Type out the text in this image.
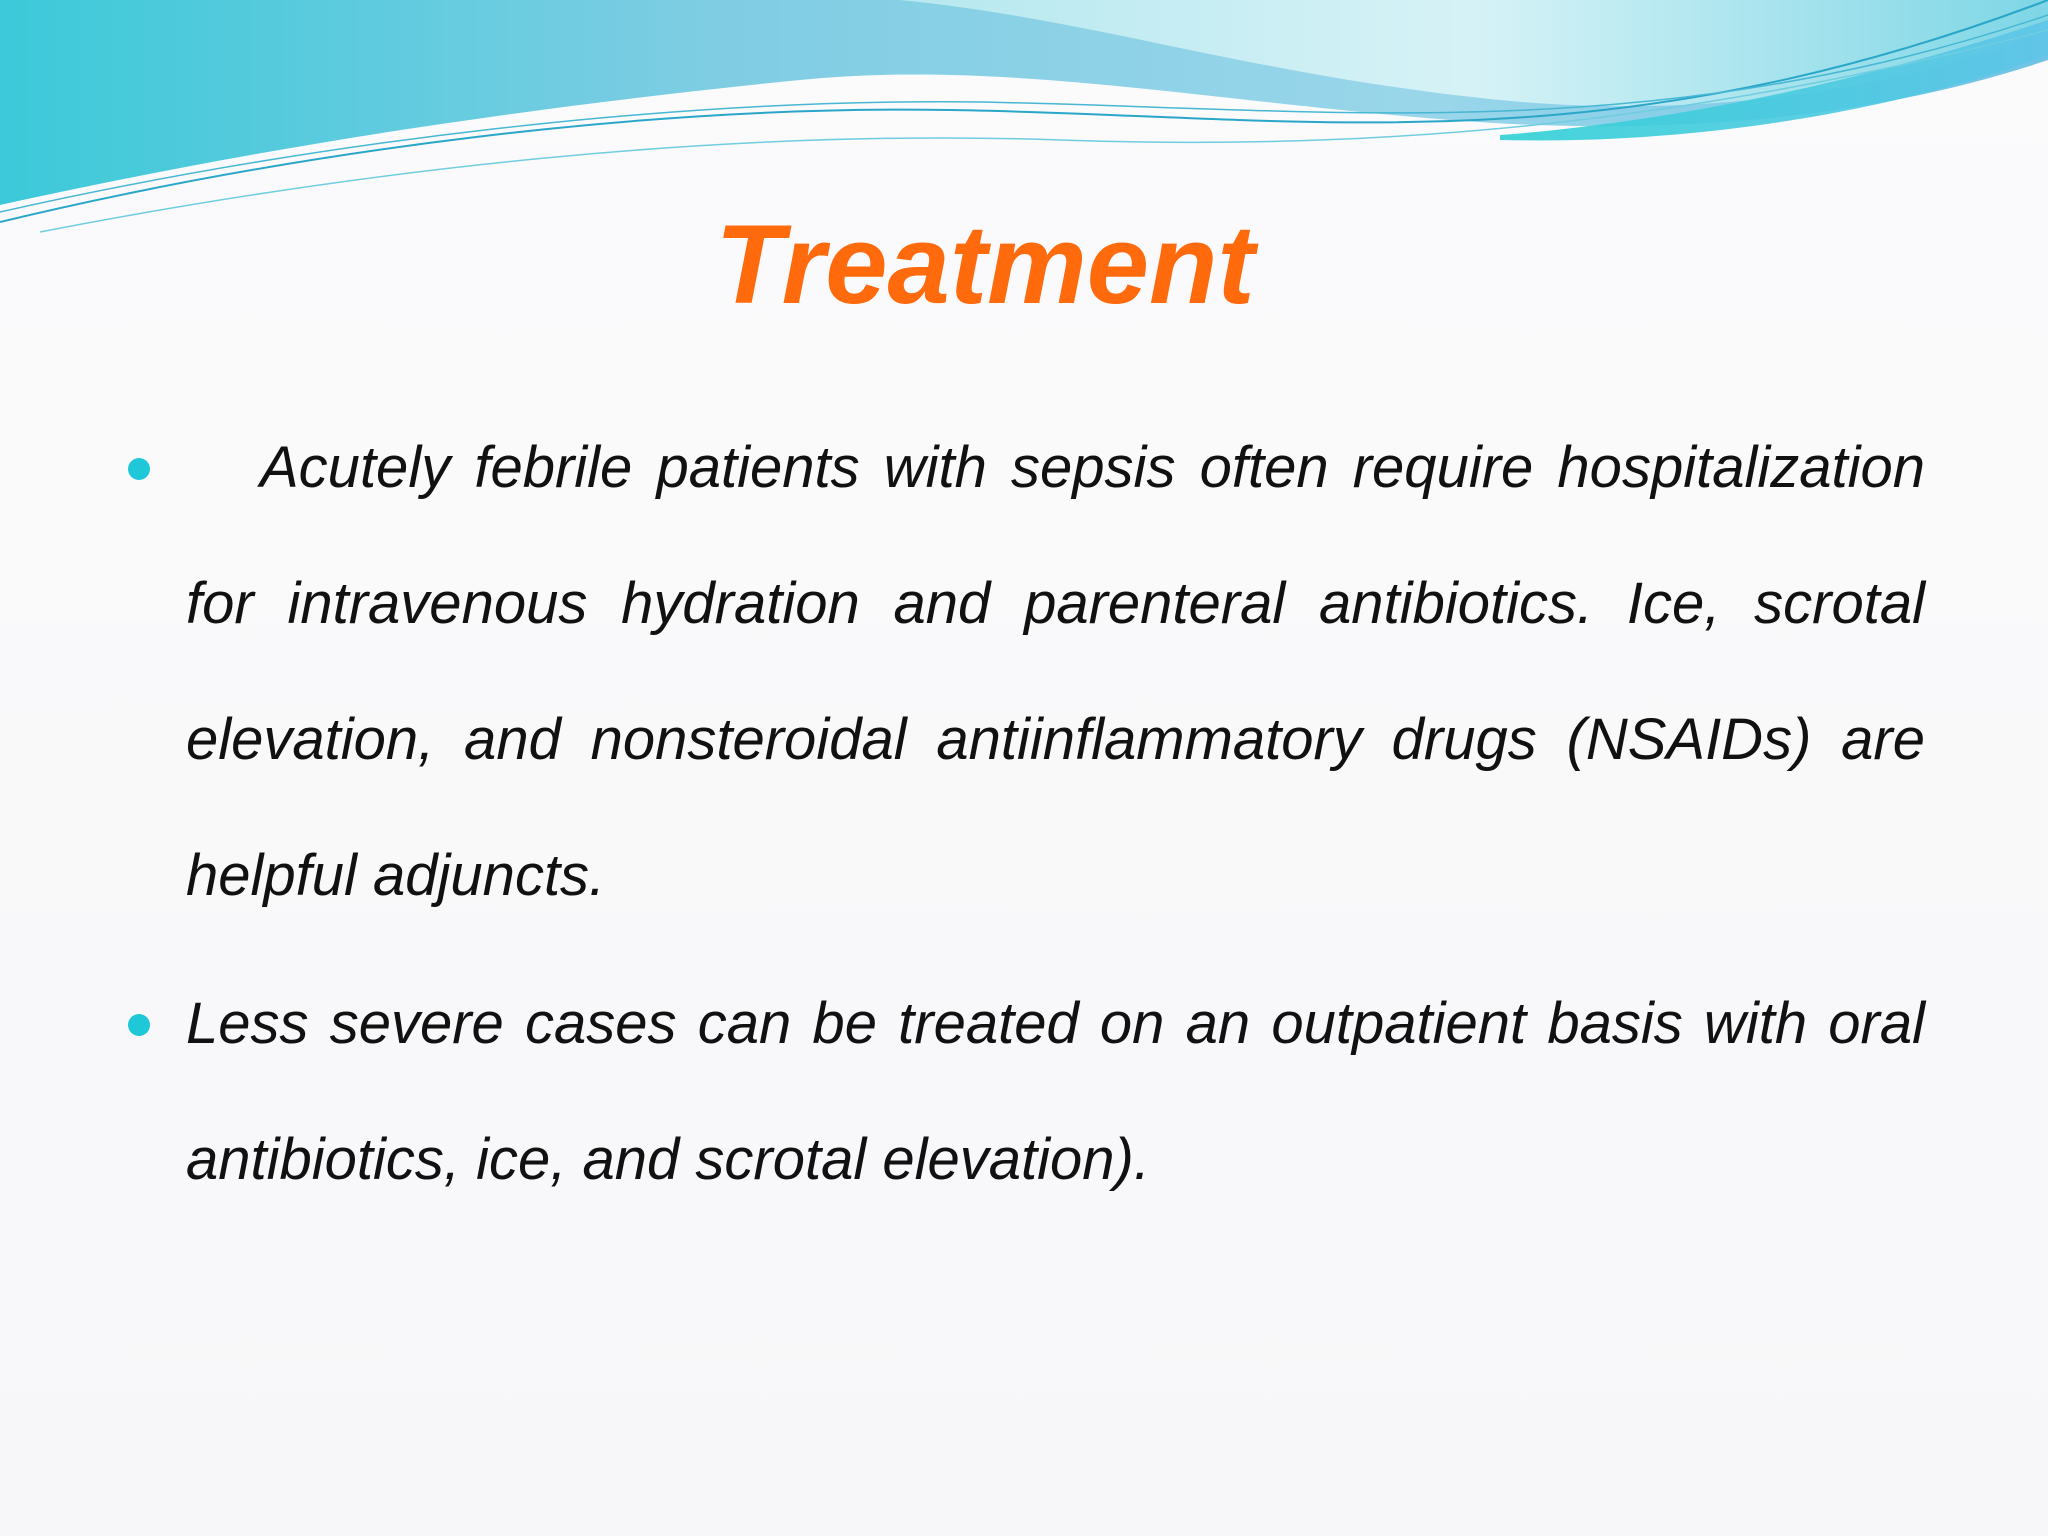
Treatment
Acutely febrile patients with sepsis often require hospitalization for intravenous hydration and parenteral antibiotics. Ice, scrotal elevation, and nonsteroidal antiinflammatory drugs (NSAIDs) are helpful adjuncts.
Less severe cases can be treated on an outpatient basis with oral antibiotics, ice, and scrotal elevation).
